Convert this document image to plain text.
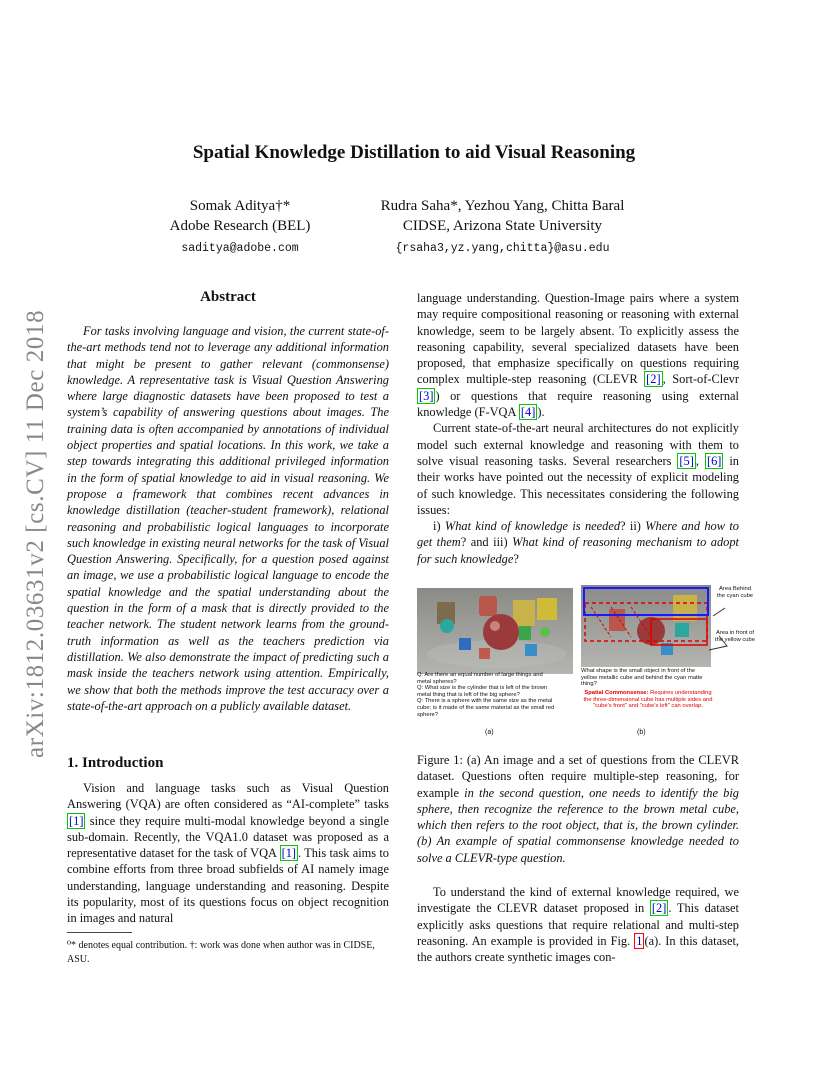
arXiv:1812.03631v2 [cs.CV] 11 Dec 2018
Spatial Knowledge Distillation to aid Visual Reasoning
Somak Aditya†*
Adobe Research (BEL)
saditya@adobe.com
Rudra Saha*, Yezhou Yang, Chitta Baral
CIDSE, Arizona State University
{rsaha3,yz.yang,chitta}@asu.edu
Abstract

For tasks involving language and vision, the current state-of-the-art methods tend not to leverage any additional information that might be present to gather relevant (commonsense) knowledge. A representative task is Visual Question Answering where large diagnostic datasets have been proposed to test a system’s capability of answering questions about images. The training data is often accompanied by annotations of individual object properties and spatial locations. In this work, we take a step towards integrating this additional privileged information in the form of spatial knowledge to aid in visual reasoning. We propose a framework that combines recent advances in knowledge distillation (teacher-student framework), relational reasoning and probabilistic logical languages to incorporate such knowledge in existing neural networks for the task of Visual Question Answering. Specifically, for a question posed against an image, we use a probabilistic logical language to encode the spatial knowledge and the spatial understanding about the question in the form of a mask that is directly provided to the teacher network. The student network learns from the ground-truth information as well as the teachers prediction via distillation. We also demonstrate the impact of predicting such a mask inside the teachers network using attention. Empirically, we show that both the methods improve the test accuracy over a state-of-the-art approach on a publicly available dataset.

1. Introduction

Vision and language tasks such as Visual Question Answering (VQA) are often considered as “AI-complete” tasks [1] since they require multi-modal knowledge beyond a single sub-domain. Recently, the VQA1.0 dataset was proposed as a representative dataset for the task of VQA [1] . This task aims to combine efforts from three broad subfields of AI namely image understanding, language understanding and reasoning. Despite its popularity, most of its questions focus on object recognition in images and natural

⁰* denotes equal contribution. †: work was done when author was in CIDSE, ASU.

language understanding. Question-Image pairs where a system may require compositional reasoning or reasoning with external knowledge, seem to be largely absent. To explicitly assess the reasoning capability, several specialized datasets have been proposed, that emphasize specifically on questions requiring complex multiple-step reasoning (CLEVR [2] , Sort-of-Clevr [3] ) or questions that require reasoning using external knowledge (F-VQA [4] ).

Current state-of-the-art neural architectures do not explicitly model such external knowledge and reasoning with them to solve visual reasoning tasks. Several researchers [5] , [6] in their works have pointed out the necessity of explicit modeling of such knowledge. This necessitates considering the following issues:

i) What kind of knowledge is needed? ii) Where and how to get them? and iii) What kind of reasoning mechanism to adopt for such knowledge?

Area Behind the cyan cube
Area in front of the yellow cube
Q: Are there an equal number of large things and metal spheres?
Q: What size is the cylinder that is left of the brown metal thing that is left of the big sphere?
Q: There is a sphere with the same size as the metal cube; is it made of the same material as the small red sphere?
What shape is the small object in front of the yellow metallic cube and behind the cyan matte thing?
Spatial Commonsense: Requires understanding the three-dimensional cube has multiple sides and "cube's front" and "cube's left" can overlap.
(a)	(b)

Figure 1: (a) An image and a set of questions from the CLEVR dataset. Questions often require multiple-step reasoning, for example in the second question, one needs to identify the big sphere, then recognize the reference to the brown metal cube, which then refers to the root object, that is, the brown cylinder. (b) An example of spatial commonsense knowledge needed to solve a CLEVR-type question.

To understand the kind of external knowledge required, we investigate the CLEVR dataset proposed in [2] . This dataset explicitly asks questions that require relational and multi-step reasoning. An example is provided in Fig. 1 (a). In this dataset, the authors create synthetic images con-
